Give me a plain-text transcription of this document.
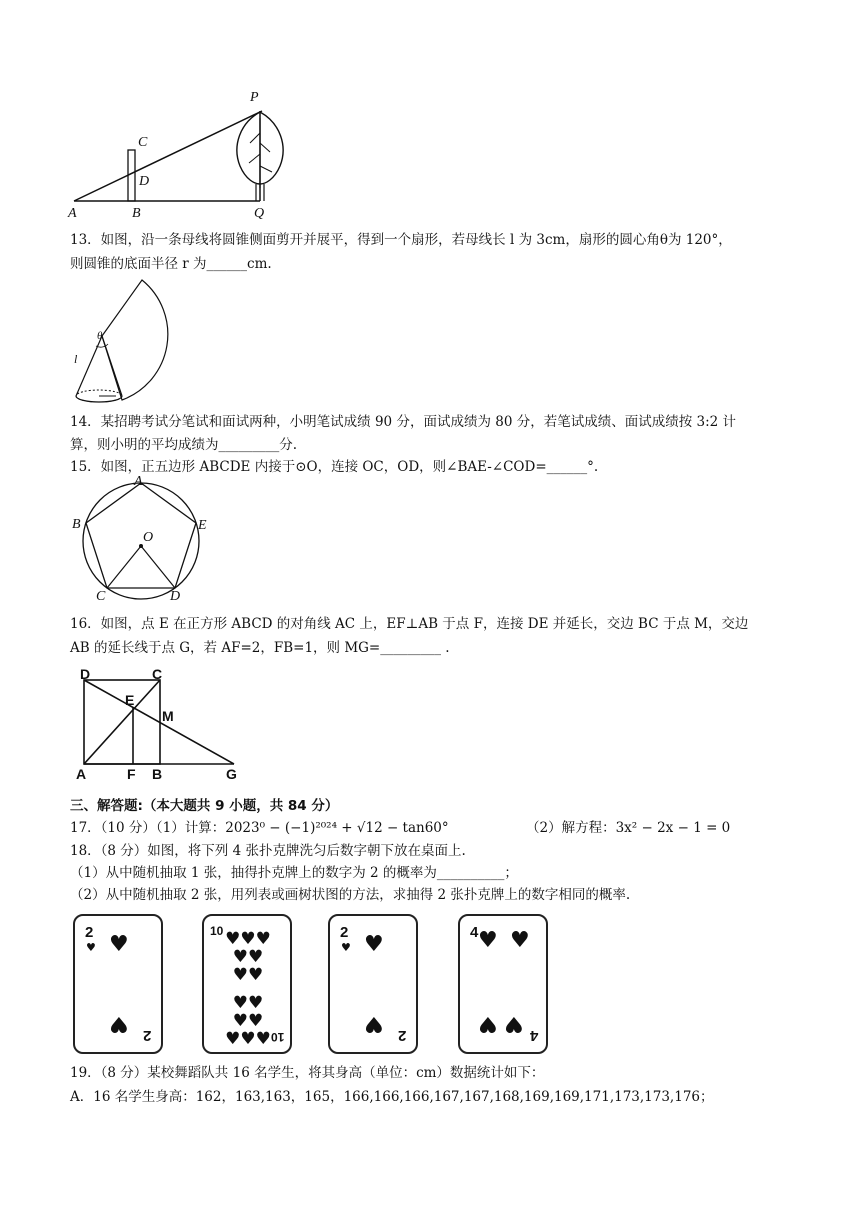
P
C
D
A	B	Q
13．如图，沿一条母线将圆锥侧面剪开并展平，得到一个扇形，若母线长 l 为 3cm，扇形的圆心角θ为 120°，
则圆锥的底面半径 r 为______cm.
θ
l
14．某招聘考试分笔试和面试两种，小明笔试成绩 90 分，面试成绩为 80 分，若笔试成绩、面试成绩按 3:2 计
算，则小明的平均成绩为_________分.
15．如图，正五边形 ABCDE 内接于⊙O，连接 OC，OD，则∠BAE-∠COD=______°.
A
B	E
O
C	D
16．如图，点 E 在正方形 ABCD 的对角线 AC 上，EF⊥AB 于点 F，连接 DE 并延长，交边 BC 于点 M，交边
AB 的延长线于点 G，若 AF=2，FB=1，则 MG=_________ .
D	C
E
M
A	F B	G
三、解答题:（本大题共 9 小题，共 84 分）
17．（10 分）（1）计算：2023⁰ − (−1)²⁰²⁴ + √12 − tan60°	（2）解方程：3x² − 2x − 1 = 0
18．（8 分）如图，将下列 4 张扑克牌洗匀后数字朝下放在桌面上.
（1）从中随机抽取 1 张，抽得扑克牌上的数字为 2 的概率为__________；
（2）从中随机抽取 2 张，用列表或画树状图的方法，求抽得 2 张扑克牌上的数字相同的概率.
2
♥ ♥
♥ 2
10 ♥♥♥
♥♥
♥♥
♥♥
♥♥
♥♥♥ 10
2
♥ ♥
♥ 2
4 ♥ ♥
♥ ♥ 4
19．（8 分）某校舞蹈队共 16 名学生，将其身高（单位：cm）数据统计如下：
A．16 名学生身高：162，163,163，165，166,166,166,167,167,168,169,169,171,173,173,176；
